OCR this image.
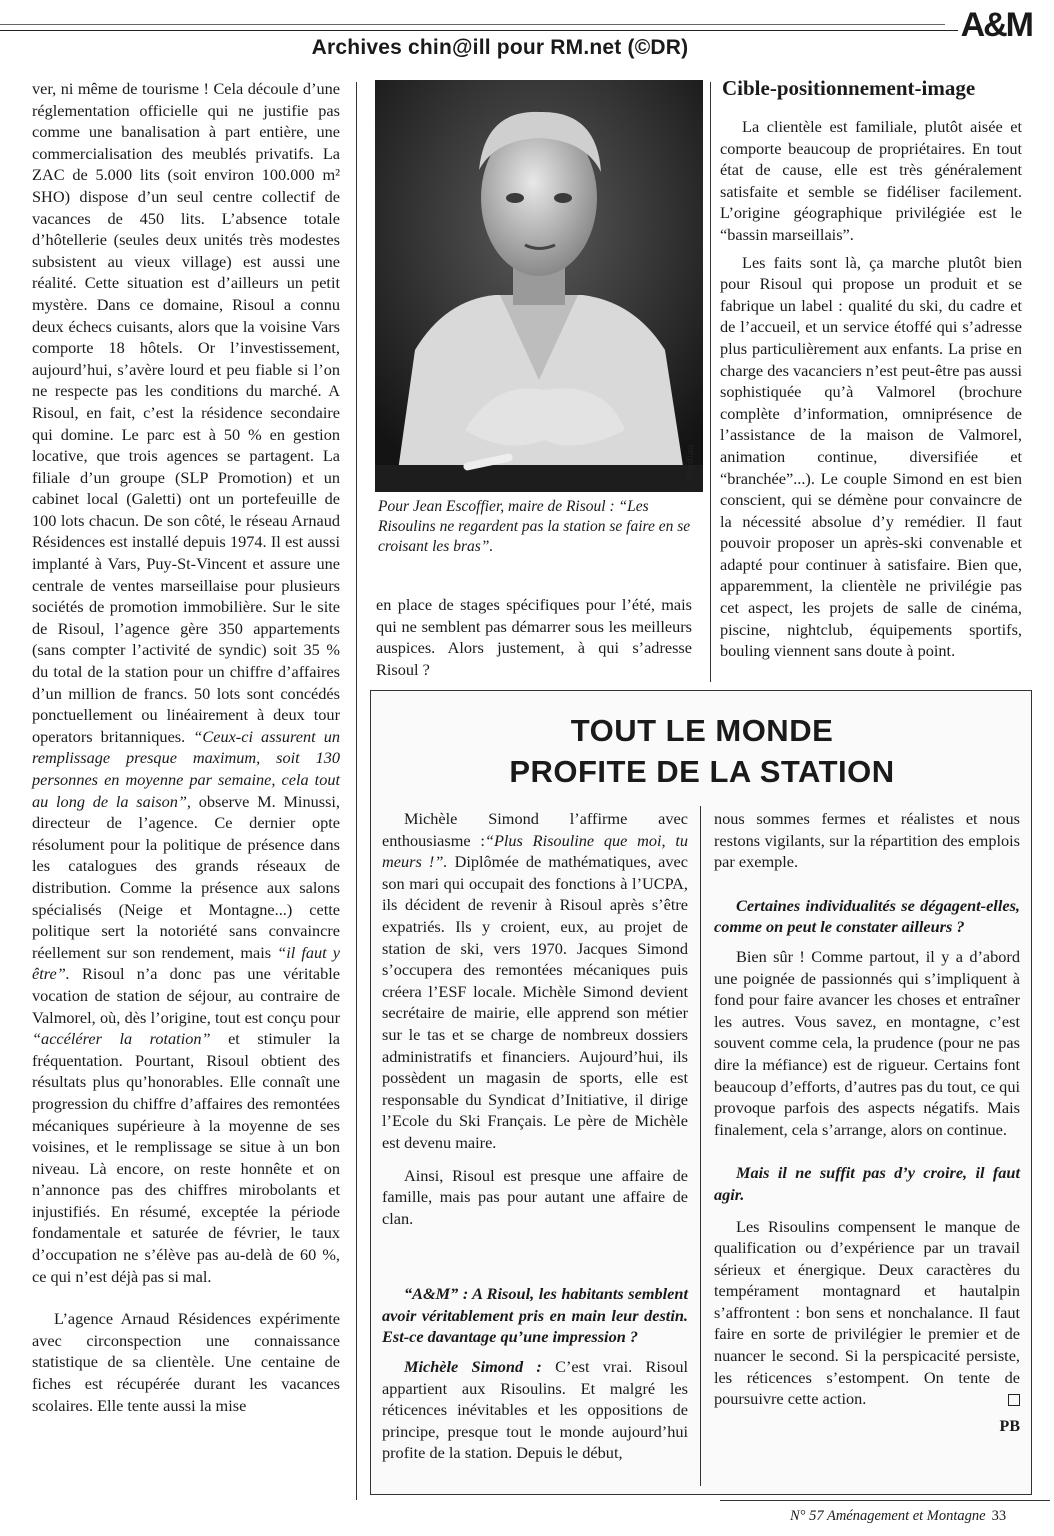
Archives chin@ill pour RM.net (©DR)
A&M

ver, ni même de tourisme ! Cela découle d’une réglementation officielle qui ne justifie pas comme une banalisation à part entière, une commercialisation des meublés privatifs. La ZAC de 5.000 lits (soit environ 100.000 m² SHO) dispose d’un seul centre collectif de vacances de 450 lits. L’absence totale d’hôtellerie (seules deux unités très modestes subsistent au vieux village) est aussi une réalité. Cette situation est d’ailleurs un petit mystère. Dans ce domaine, Risoul a connu deux échecs cuisants, alors que la voisine Vars comporte 18 hôtels. Or l’investissement, aujourd’hui, s’avère lourd et peu fiable si l’on ne respecte pas les conditions du marché. A Risoul, en fait, c’est la résidence secondaire qui domine. Le parc est à 50 % en gestion locative, que trois agences se partagent. La filiale d’un groupe (SLP Promotion) et un cabinet local (Galetti) ont un portefeuille de 100 lots chacun. De son côté, le réseau Arnaud Résidences est installé depuis 1974. Il est aussi implanté à Vars, Puy-St-Vincent et assure une centrale de ventes marseillaise pour plusieurs sociétés de promotion immobilière. Sur le site de Risoul, l’agence gère 350 appartements (sans compter l’activité de syndic) soit 35 % du total de la station pour un chiffre d’affaires d’un million de francs. 50 lots sont concédés ponctuellement ou linéairement à deux tour operators britanniques. “Ceux-ci assurent un remplissage presque maximum, soit 130 personnes en moyenne par semaine, cela tout au long de la saison”, observe M. Minussi, directeur de l’agence. Ce dernier opte résolument pour la politique de présence dans les catalogues des grands réseaux de distribution. Comme la présence aux salons spécialisés (Neige et Montagne...) cette politique sert la notoriété sans convaincre réellement sur son rendement, mais “il faut y être”. Risoul n’a donc pas une véritable vocation de station de séjour, au contraire de Valmorel, où, dès l’origine, tout est conçu pour “accélérer la rotation” et stimuler la fréquentation. Pourtant, Risoul obtient des résultats plus qu’honorables. Elle connaît une progression du chiffre d’affaires des remontées mécaniques supérieure à la moyenne de ses voisines, et le remplissage se situe à un bon niveau. Là encore, on reste honnête et on n’annonce pas des chiffres mirobolants et injustifiés. En résumé, exceptée la période fondamentale et saturée de février, le taux d’occupation ne s’élève pas au-delà de 60 %, ce qui n’est déjà pas si mal.

L’agence Arnaud Résidences expérimente avec circonspection une connaissance statistique de sa clientèle. Une centaine de fiches est récupérée durant les vacances scolaires. Elle tente aussi la mise

P. Bardiau
Pour Jean Escoffier, maire de Risoul : “Les Risoulins ne regardent pas la station se faire en se croisant les bras”.

en place de stages spécifiques pour l’été, mais qui ne semblent pas démarrer sous les meilleurs auspices. Alors justement, à qui s’adresse Risoul ?

Cible-positionnement-image

La clientèle est familiale, plutôt aisée et comporte beaucoup de propriétaires. En tout état de cause, elle est très généralement satisfaite et semble se fidéliser facilement. L’origine géographique privilégiée est le “bassin marseillais”.

Les faits sont là, ça marche plutôt bien pour Risoul qui propose un produit et se fabrique un label : qualité du ski, du cadre et de l’accueil, et un service étoffé qui s’adresse plus particulièrement aux enfants. La prise en charge des vacanciers n’est peut-être pas aussi sophistiquée qu’à Valmorel (brochure complète d’information, omniprésence de l’assistance de la maison de Valmorel, animation continue, diversifiée et “branchée”...). Le couple Simond en est bien conscient, qui se démène pour convaincre de la nécessité absolue d’y remédier. Il faut pouvoir proposer un après-ski convenable et adapté pour continuer à satisfaire. Bien que, apparemment, la clientèle ne privilégie pas cet aspect, les projets de salle de cinéma, piscine, nightclub, équipements sportifs, bouling viennent sans doute à point.

TOUT LE MONDE
PROFITE DE LA STATION

Michèle Simond l’affirme avec enthousiasme :“Plus Risouline que moi, tu meurs !”. Diplômée de mathématiques, avec son mari qui occupait des fonctions à l’UCPA, ils décident de revenir à Risoul après s’être expatriés. Ils y croient, eux, au projet de station de ski, vers 1970. Jacques Simond s’occupera des remontées mécaniques puis créera l’ESF locale. Michèle Simond devient secrétaire de mairie, elle apprend son métier sur le tas et se charge de nombreux dossiers administratifs et financiers. Aujourd’hui, ils possèdent un magasin de sports, elle est responsable du Syndicat d’Initiative, il dirige l’Ecole du Ski Français. Le père de Michèle est devenu maire.

Ainsi, Risoul est presque une affaire de famille, mais pas pour autant une affaire de clan.

“A&M” : A Risoul, les habitants semblent avoir véritablement pris en main leur destin. Est-ce davantage qu’une impression ?

Michèle Simond : C’est vrai. Risoul appartient aux Risoulins. Et malgré les réticences inévitables et les oppositions de principe, presque tout le monde aujourd’hui profite de la station. Depuis le début,

nous sommes fermes et réalistes et nous restons vigilants, sur la répartition des emplois par exemple.

Certaines individualités se dégagent-elles, comme on peut le constater ailleurs ?

Bien sûr ! Comme partout, il y a d’abord une poignée de passionnés qui s’impliquent à fond pour faire avancer les choses et entraîner les autres. Vous savez, en montagne, c’est souvent comme cela, la prudence (pour ne pas dire la méfiance) est de rigueur. Certains font beaucoup d’efforts, d’autres pas du tout, ce qui provoque parfois des aspects négatifs. Mais finalement, cela s’arrange, alors on continue.

Mais il ne suffit pas d’y croire, il faut agir.

Les Risoulins compensent le manque de qualification ou d’expérience par un travail sérieux et énergique. Deux caractères du tempérament montagnard et hautalpin s’affrontent : bon sens et nonchalance. Il faut faire en sorte de privilégier le premier et de nuancer le second. Si la perspicacité persiste, les réticences s’estompent. On tente de poursuivre cette action.

PB
N° 57 Aménagement et Montagne 33
